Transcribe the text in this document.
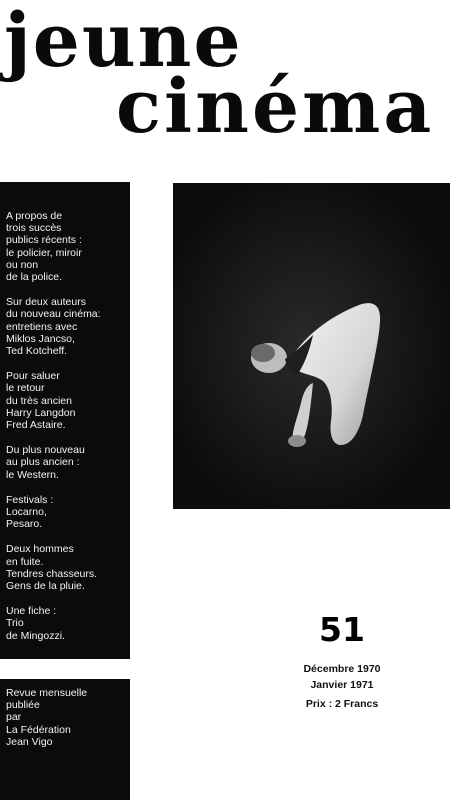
jeune
cinéma
A propos de
trois succès
publics récents :
le policier, miroir
ou non
de la police.
Sur deux auteurs
du nouveau cinéma:
entretiens avec
Miklos Jancso,
Ted Kotcheff.
Pour saluer
le retour
du très ancien
Harry Langdon
Fred Astaire.
Du plus nouveau
au plus ancien :
le Western.
Festivals :
Locarno,
Pesaro.
Deux hommes
en fuite.
Tendres chasseurs.
Gens de la pluie.
Une fiche :
Trio
de Mingozzi.	51
Décembre 1970
Janvier 1971
Prix : 2 Francs
Revue mensuelle
publiée
par
La Fédération
Jean Vigo
